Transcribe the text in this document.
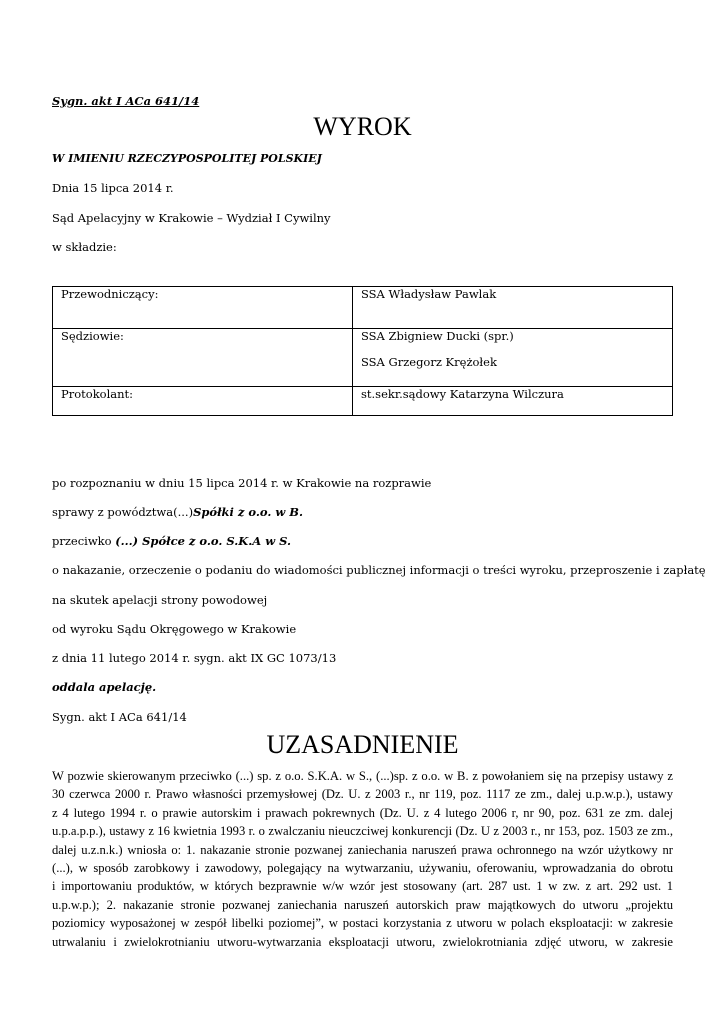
Sygn. akt I ACa 641/14
WYROK
W IMIENIU RZECZYPOSPOLITEJ POLSKIEJ
Dnia 15 lipca 2014 r.
Sąd Apelacyjny w Krakowie – Wydział I Cywilny
w składzie:
Przewodniczący:	SSA Władysław Pawlak

Sędziowie:	SSA Zbigniew Ducki (spr.)
SSA Grzegorz Krężołek

Protokolant:	st.sekr.sądowy Katarzyna Wilczura
po rozpoznaniu w dniu 15 lipca 2014 r. w Krakowie na rozprawie
sprawy z powództwa(...)Spółki z o.o. w B.
przeciwko (...) Spółce z o.o. S.K.A w S.
o nakazanie, orzeczenie o podaniu do wiadomości publicznej informacji o treści wyroku, przeproszenie i zapłatę
na skutek apelacji strony powodowej
od wyroku Sądu Okręgowego w Krakowie
z dnia 11 lutego 2014 r. sygn. akt IX GC 1073/13
oddala apelację.
Sygn. akt I ACa 641/14
UZASADNIENIE
W pozwie skierowanym przeciwko (...) sp. z o.o. S.K.A. w S., (...)sp. z o.o. w B. z powołaniem się na przepisy ustawy z
30 czerwca 2000 r. Prawo własności przemysłowej (Dz. U. z 2003 r., nr 119, poz. 1117 ze zm., dalej u.p.w.p.), ustawy
z 4 lutego 1994 r. o prawie autorskim i prawach pokrewnych (Dz. U. z 4 lutego 2006 r, nr 90, poz. 631 ze zm. dalej
u.p.a.p.p.), ustawy z 16 kwietnia 1993 r. o zwalczaniu nieuczciwej konkurencji (Dz. U z 2003 r., nr 153, poz. 1503 ze zm.,
dalej u.z.n.k.) wniosła o: 1. nakazanie stronie pozwanej zaniechania naruszeń prawa ochronnego na wzór użytkowy nr
(...), w sposób zarobkowy i zawodowy, polegający na wytwarzaniu, używaniu, oferowaniu, wprowadzania do obrotu
i importowaniu produktów, w których bezprawnie w/w wzór jest stosowany (art. 287 ust. 1 w zw. z art. 292 ust. 1
u.p.w.p.); 2. nakazanie stronie pozwanej zaniechania naruszeń autorskich praw majątkowych do utworu „projektu
poziomicy wyposażonej w zespół libelki poziomej”, w postaci korzystania z utworu w polach eksploatacji: w zakresie
utrwalaniu i zwielokrotnianiu utworu-wytwarzania eksploatacji utworu, zwielokrotniania zdjęć utworu, w zakresie
